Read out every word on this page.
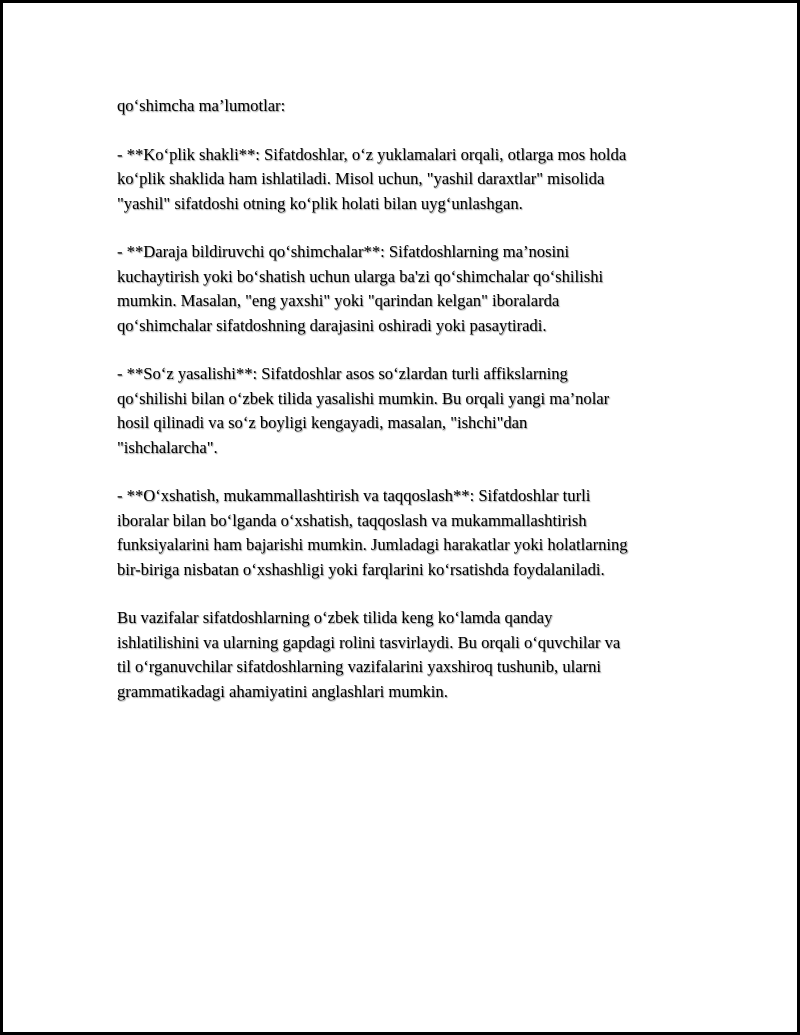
qo‘shimcha ma’lumotlar:

- **Ko‘plik shakli**: Sifatdoshlar, o‘z yuklamalari orqali, otlarga mos holda
ko‘plik shaklida ham ishlatiladi. Misol uchun, "yashil daraxtlar" misolida
"yashil" sifatdoshi otning ko‘plik holati bilan uyg‘unlashgan.

- **Daraja bildiruvchi qo‘shimchalar**: Sifatdoshlarning ma’nosini
kuchaytirish yoki bo‘shatish uchun ularga ba'zi qo‘shimchalar qo‘shilishi
mumkin. Masalan, "eng yaxshi" yoki "qarindan kelgan" iboralarda
qo‘shimchalar sifatdoshning darajasini oshiradi yoki pasaytiradi.

- **So‘z yasalishi**: Sifatdoshlar asos so‘zlardan turli affikslarning
qo‘shilishi bilan o‘zbek tilida yasalishi mumkin. Bu orqali yangi ma’nolar
hosil qilinadi va so‘z boyligi kengayadi, masalan, "ishchi"dan
"ishchalarcha".

- **O‘xshatish, mukammallashtirish va taqqoslash**: Sifatdoshlar turli
iboralar bilan bo‘lganda o‘xshatish, taqqoslash va mukammallashtirish
funksiyalarini ham bajarishi mumkin. Jumladagi harakatlar yoki holatlarning
bir-biriga nisbatan o‘xshashligi yoki farqlarini ko‘rsatishda foydalaniladi.

Bu vazifalar sifatdoshlarning o‘zbek tilida keng ko‘lamda qanday
ishlatilishini va ularning gapdagi rolini tasvirlaydi. Bu orqali o‘quvchilar va
til o‘rganuvchilar sifatdoshlarning vazifalarini yaxshiroq tushunib, ularni
grammatikadagi ahamiyatini anglashlari mumkin.
